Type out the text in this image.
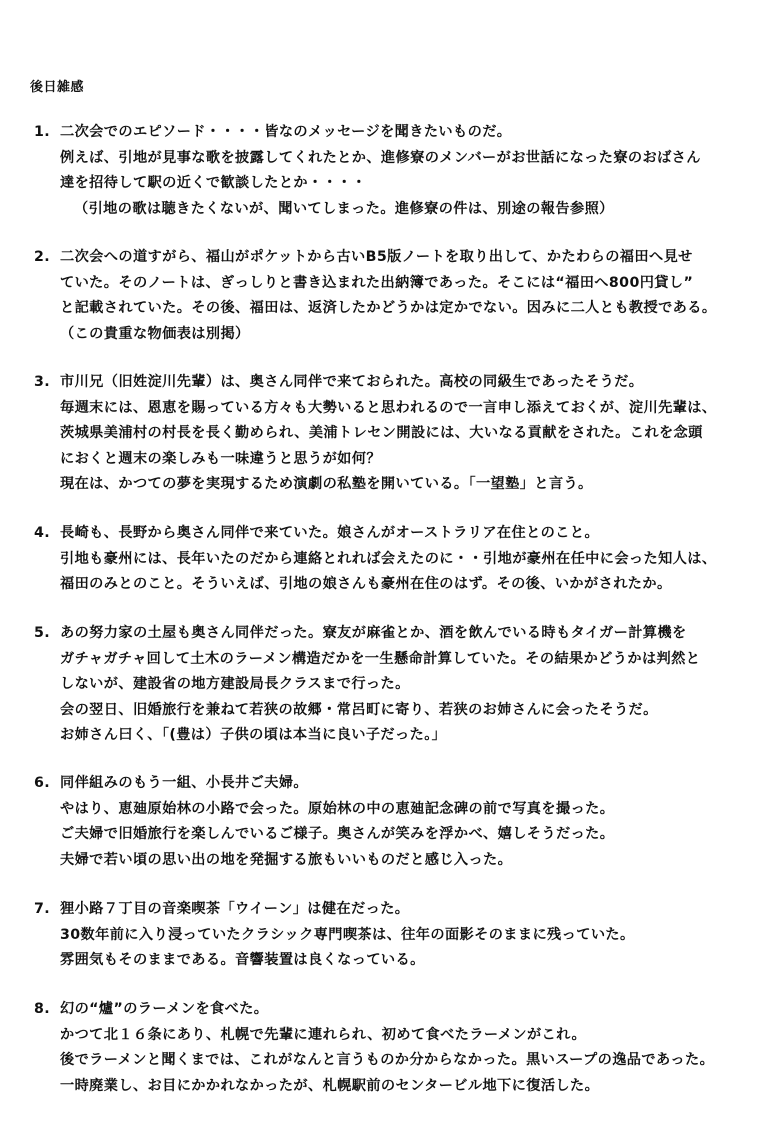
後日雑感
1. 二次会でのエピソード・・・・皆なのメッセージを聞きたいものだ。
例えば、引地が見事な歌を披露してくれたとか、進修寮のメンバーがお世話になった寮のおばさん
達を招待して駅の近くで歓談したとか・・・・
（引地の歌は聴きたくないが、聞いてしまった。進修寮の件は、別途の報告参照）
2. 二次会への道すがら、福山がポケットから古いB5版ノートを取り出して、かたわらの福田へ見せ
ていた。そのノートは、ぎっしりと書き込まれた出納簿であった。そこには“福田へ800円貸し”
と記載されていた。その後、福田は、返済したかどうかは定かでない。因みに二人とも教授である。
（この貴重な物価表は別掲）
3. 市川兄（旧姓淀川先輩）は、奥さん同伴で来ておられた。高校の同級生であったそうだ。
毎週末には、恩恵を賜っている方々も大勢いると思われるので一言申し添えておくが、淀川先輩は、
茨城県美浦村の村長を長く勤められ、美浦トレセン開設には、大いなる貢献をされた。これを念頭
におくと週末の楽しみも一味違うと思うが如何？
現在は、かつての夢を実現するため演劇の私塾を開いている。「一望塾」と言う。
4. 長崎も、長野から奥さん同伴で来ていた。娘さんがオーストラリア在住とのこと。
引地も豪州には、長年いたのだから連絡とれれば会えたのに・・引地が豪州在任中に会った知人は、
福田のみとのこと。そういえば、引地の娘さんも豪州在住のはず。その後、いかがされたか。
5. あの努力家の土屋も奥さん同伴だった。寮友が麻雀とか、酒を飲んでいる時もタイガー計算機を
ガチャガチャ回して土木のラーメン構造だかを一生懸命計算していた。その結果かどうかは判然と
しないが、建設省の地方建設局長クラスまで行った。
会の翌日、旧婚旅行を兼ねて若狭の故郷・常呂町に寄り、若狭のお姉さんに会ったそうだ。
お姉さん曰く、「(豊は）子供の頃は本当に良い子だった。」
6. 同伴組みのもう一組、小長井ご夫婦。
やはり、恵廸原始林の小路で会った。原始林の中の恵廸記念碑の前で写真を撮った。
ご夫婦で旧婚旅行を楽しんでいるご様子。奥さんが笑みを浮かべ、嬉しそうだった。
夫婦で若い頃の思い出の地を発掘する旅もいいものだと感じ入った。
7. 狸小路７丁目の音楽喫茶「ウイーン」は健在だった。
30数年前に入り浸っていたクラシック専門喫茶は、往年の面影そのままに残っていた。
雰囲気もそのままである。音響装置は良くなっている。
8. 幻の“爐”のラーメンを食べた。
かつて北１６条にあり、札幌で先輩に連れられ、初めて食べたラーメンがこれ。
後でラーメンと聞くまでは、これがなんと言うものか分からなかった。黒いスープの逸品であった。
一時廃業し、お目にかかれなかったが、札幌駅前のセンタービル地下に復活した。
